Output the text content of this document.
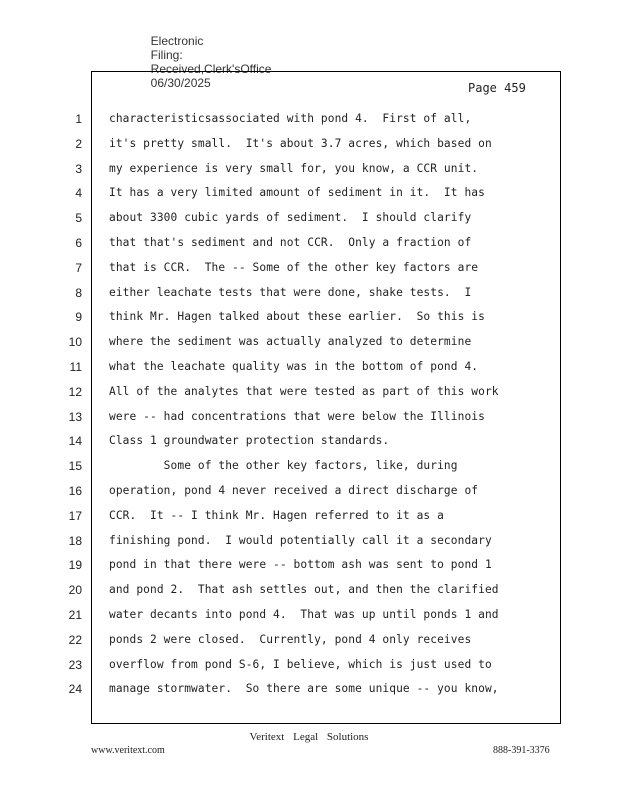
Electronic
Filing:
Received,Clerk'sOffice
06/30/2025	Page 459
1 characteristicsassociated with pond 4.  First of all,
2 it's pretty small.  It's about 3.7 acres, which based on
3 my experience is very small for, you know, a CCR unit.
4 It has a very limited amount of sediment in it.  It has
5 about 3300 cubic yards of sediment.  I should clarify
6 that that's sediment and not CCR.  Only a fraction of
7 that is CCR.  The -- Some of the other key factors are
8 either leachate tests that were done, shake tests.  I
9 think Mr. Hagen talked about these earlier.  So this is
10 where the sediment was actually analyzed to determine
11 what the leachate quality was in the bottom of pond 4.
12 All of the analytes that were tested as part of this work
13 were -- had concentrations that were below the Illinois
14 Class 1 groundwater protection standards.
15 Some of the other key factors, like, during
16 operation, pond 4 never received a direct discharge of
17 CCR.  It -- I think Mr. Hagen referred to it as a
18 finishing pond.  I would potentially call it a secondary
19 pond in that there were -- bottom ash was sent to pond 1
20 and pond 2.  That ash settles out, and then the clarified
21 water decants into pond 4.  That was up until ponds 1 and
22 ponds 2 were closed.  Currently, pond 4 only receives
23 overflow from pond S-6, I believe, which is just used to
24 manage stormwater.  So there are some unique -- you know,
Veritext Legal Solutions
www.veritext.com	888-391-3376
